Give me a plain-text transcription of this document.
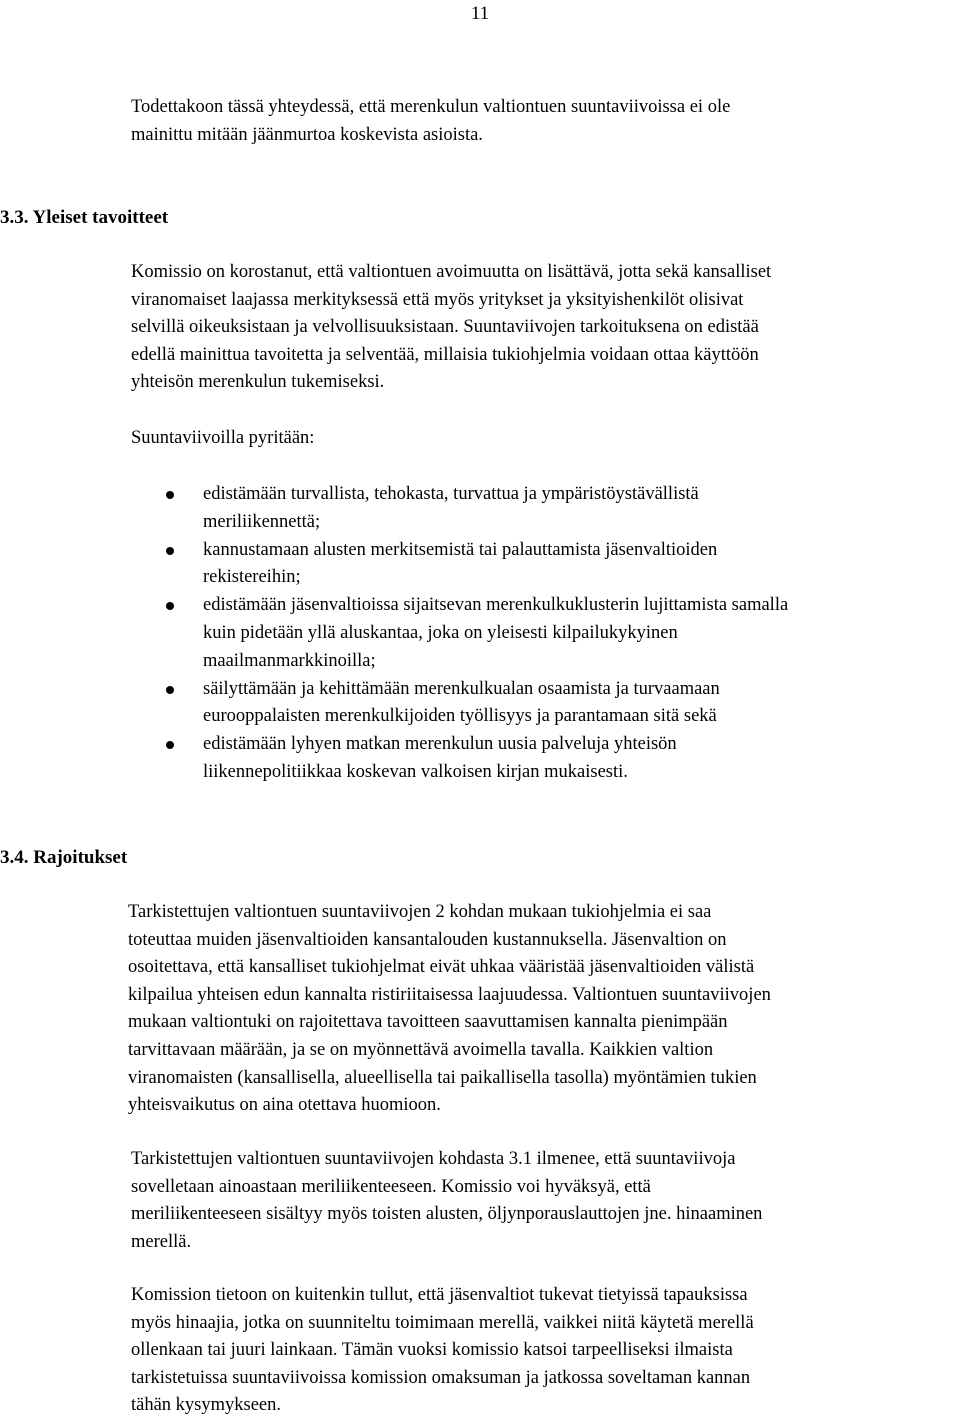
11
Todettakoon tässä yhteydessä, että merenkulun valtiontuen suuntaviivoissa ei ole
mainittu mitään jäänmurtoa koskevista asioista.
3.3. Yleiset tavoitteet
Komissio on korostanut, että valtiontuen avoimuutta on lisättävä, jotta sekä kansalliset
viranomaiset laajassa merkityksessä että myös yritykset ja yksityishenkilöt olisivat
selvillä oikeuksistaan ja velvollisuuksistaan. Suuntaviivojen tarkoituksena on edistää
edellä mainittua tavoitetta ja selventää, millaisia tukiohjelmia voidaan ottaa käyttöön
yhteisön merenkulun tukemiseksi.
Suuntaviivoilla pyritään:
edistämään turvallista, tehokasta, turvattua ja ympäristöystävällistä
meriliikennettä;
kannustamaan alusten merkitsemistä tai palauttamista jäsenvaltioiden
rekistereihin;
edistämään jäsenvaltioissa sijaitsevan merenkulkuklusterin lujittamista samalla
kuin pidetään yllä aluskantaa, joka on yleisesti kilpailukykyinen
maailmanmarkkinoilla;
säilyttämään ja kehittämään merenkulkualan osaamista ja turvaamaan
eurooppalaisten merenkulkijoiden työllisyys ja parantamaan sitä sekä
edistämään lyhyen matkan merenkulun uusia palveluja yhteisön
liikennepolitiikkaa koskevan valkoisen kirjan mukaisesti.
3.4. Rajoitukset
Tarkistettujen valtiontuen suuntaviivojen 2 kohdan mukaan tukiohjelmia ei saa
toteuttaa muiden jäsenvaltioiden kansantalouden kustannuksella. Jäsenvaltion on
osoitettava, että kansalliset tukiohjelmat eivät uhkaa vääristää jäsenvaltioiden välistä
kilpailua yhteisen edun kannalta ristiriitaisessa laajuudessa. Valtiontuen suuntaviivojen
mukaan valtiontuki on rajoitettava tavoitteen saavuttamisen kannalta pienimpään
tarvittavaan määrään, ja se on myönnettävä avoimella tavalla. Kaikkien valtion
viranomaisten (kansallisella, alueellisella tai paikallisella tasolla) myöntämien tukien
yhteisvaikutus on aina otettava huomioon.
Tarkistettujen valtiontuen suuntaviivojen kohdasta 3.1 ilmenee, että suuntaviivoja
sovelletaan ainoastaan meriliikenteeseen. Komissio voi hyväksyä, että
meriliikenteeseen sisältyy myös toisten alusten, öljynporauslauttojen jne. hinaaminen
merellä.
Komission tietoon on kuitenkin tullut, että jäsenvaltiot tukevat tietyissä tapauksissa
myös hinaajia, jotka on suunniteltu toimimaan merellä, vaikkei niitä käytetä merellä
ollenkaan tai juuri lainkaan. Tämän vuoksi komissio katsoi tarpeelliseksi ilmaista
tarkistetuissa suuntaviivoissa komission omaksuman ja jatkossa soveltaman kannan
tähän kysymykseen.
